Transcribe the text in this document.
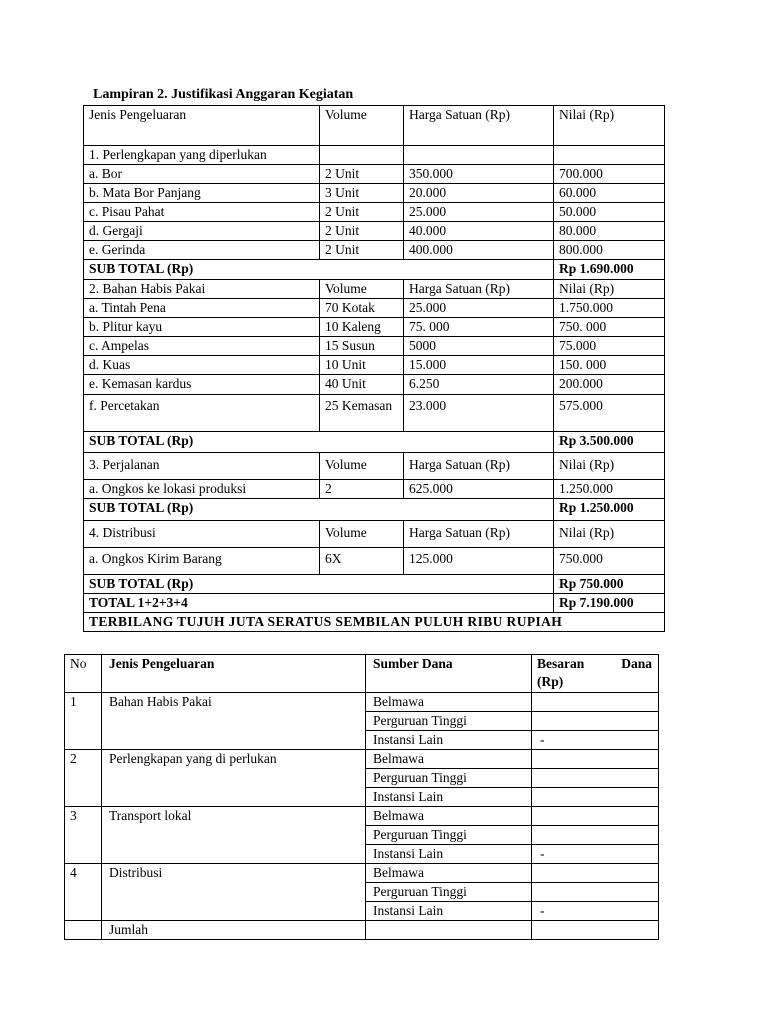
Lampiran 2. Justifikasi Anggaran Kegiatan
Jenis Pengeluaran	Volume	Harga Satuan (Rp)	Nilai (Rp)
1. Perlengkapan yang diperlukan			
a. Bor	2 Unit	350.000	700.000
b. Mata Bor Panjang	3 Unit	20.000	60.000
c. Pisau Pahat	2 Unit	25.000	50.000
d. Gergaji	2 Unit	40.000	80.000
e. Gerinda	2 Unit	400.000	800.000
SUB TOTAL (Rp)			Rp 1.690.000
2. Bahan Habis Pakai	Volume	Harga Satuan (Rp)	Nilai (Rp)
a. Tintah Pena	70 Kotak	25.000	1.750.000
b. Plitur kayu	10 Kaleng	75. 000	750. 000
c. Ampelas	15 Susun	5000	75.000
d. Kuas	10 Unit	15.000	150. 000
e. Kemasan kardus	40 Unit	6.250	200.000
f. Percetakan	25 Kemasan	23.000	575.000
SUB TOTAL (Rp)			Rp 3.500.000
3. Perjalanan	Volume	Harga Satuan (Rp)	Nilai (Rp)
a. Ongkos ke lokasi produksi	2	625.000	1.250.000
SUB TOTAL (Rp)			Rp 1.250.000
4. Distribusi	Volume	Harga Satuan (Rp)	Nilai (Rp)
a. Ongkos Kirim Barang	6X	125.000	750.000
SUB TOTAL (Rp)			Rp 750.000
TOTAL 1+2+3+4			Rp 7.190.000
TERBILANG TUJUH JUTA SERATUS SEMBILAN PULUH RIBU RUPIAH			
No	Jenis Pengeluaran	Sumber Dana	Besaran Dana
(Rp)

1	Bahan Habis Pakai	Belmawa	
		Perguruan Tinggi	
		Instansi Lain	-
2	Perlengkapan yang di perlukan	Belmawa	
		Perguruan Tinggi	
		Instansi Lain	
3	Transport lokal	Belmawa	
		Perguruan Tinggi	
		Instansi Lain	-
4	Distribusi	Belmawa	
		Perguruan Tinggi	
		Instansi Lain	-
	Jumlah		
